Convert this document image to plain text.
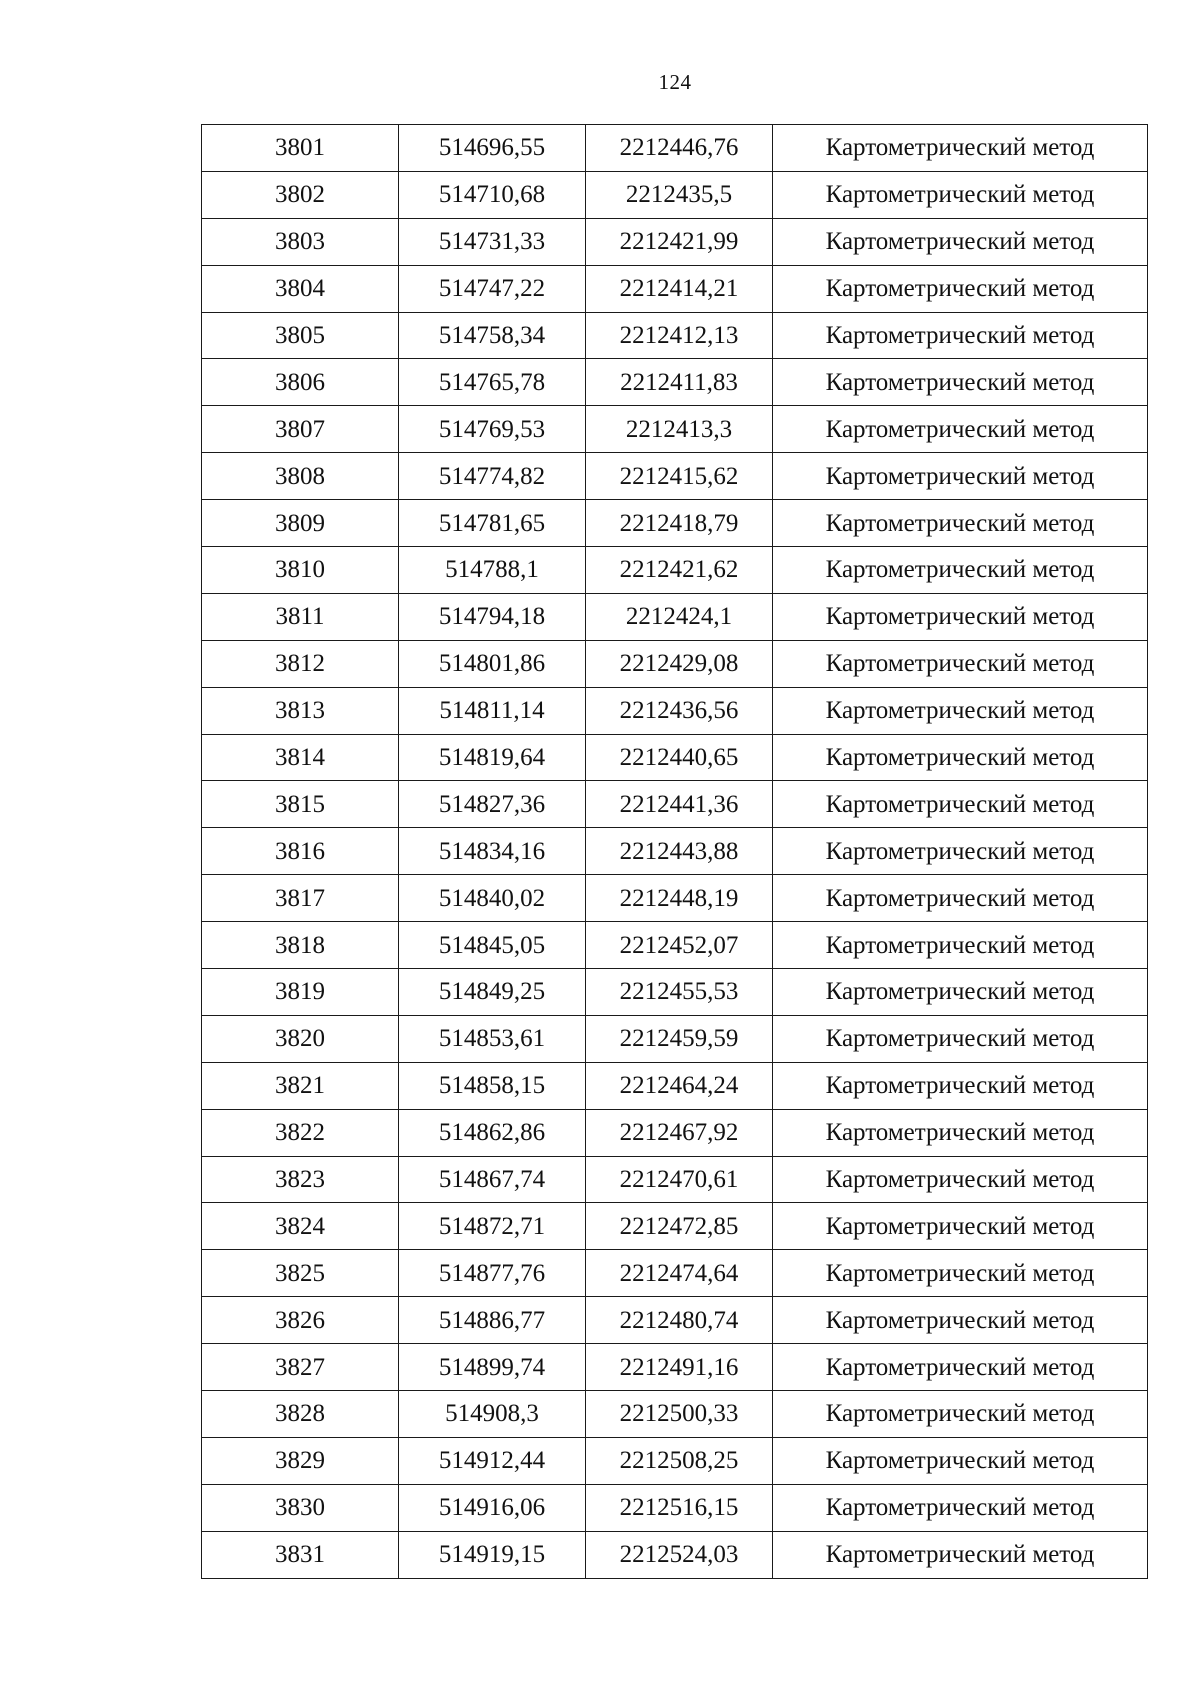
124
3801	514696,55	2212446,76	Картометрический метод
3802	514710,68	2212435,5	Картометрический метод
3803	514731,33	2212421,99	Картометрический метод
3804	514747,22	2212414,21	Картометрический метод
3805	514758,34	2212412,13	Картометрический метод
3806	514765,78	2212411,83	Картометрический метод
3807	514769,53	2212413,3	Картометрический метод
3808	514774,82	2212415,62	Картометрический метод
3809	514781,65	2212418,79	Картометрический метод
3810	514788,1	2212421,62	Картометрический метод
3811	514794,18	2212424,1	Картометрический метод
3812	514801,86	2212429,08	Картометрический метод
3813	514811,14	2212436,56	Картометрический метод
3814	514819,64	2212440,65	Картометрический метод
3815	514827,36	2212441,36	Картометрический метод
3816	514834,16	2212443,88	Картометрический метод
3817	514840,02	2212448,19	Картометрический метод
3818	514845,05	2212452,07	Картометрический метод
3819	514849,25	2212455,53	Картометрический метод
3820	514853,61	2212459,59	Картометрический метод
3821	514858,15	2212464,24	Картометрический метод
3822	514862,86	2212467,92	Картометрический метод
3823	514867,74	2212470,61	Картометрический метод
3824	514872,71	2212472,85	Картометрический метод
3825	514877,76	2212474,64	Картометрический метод
3826	514886,77	2212480,74	Картометрический метод
3827	514899,74	2212491,16	Картометрический метод
3828	514908,3	2212500,33	Картометрический метод
3829	514912,44	2212508,25	Картометрический метод
3830	514916,06	2212516,15	Картометрический метод
3831	514919,15	2212524,03	Картометрический метод
